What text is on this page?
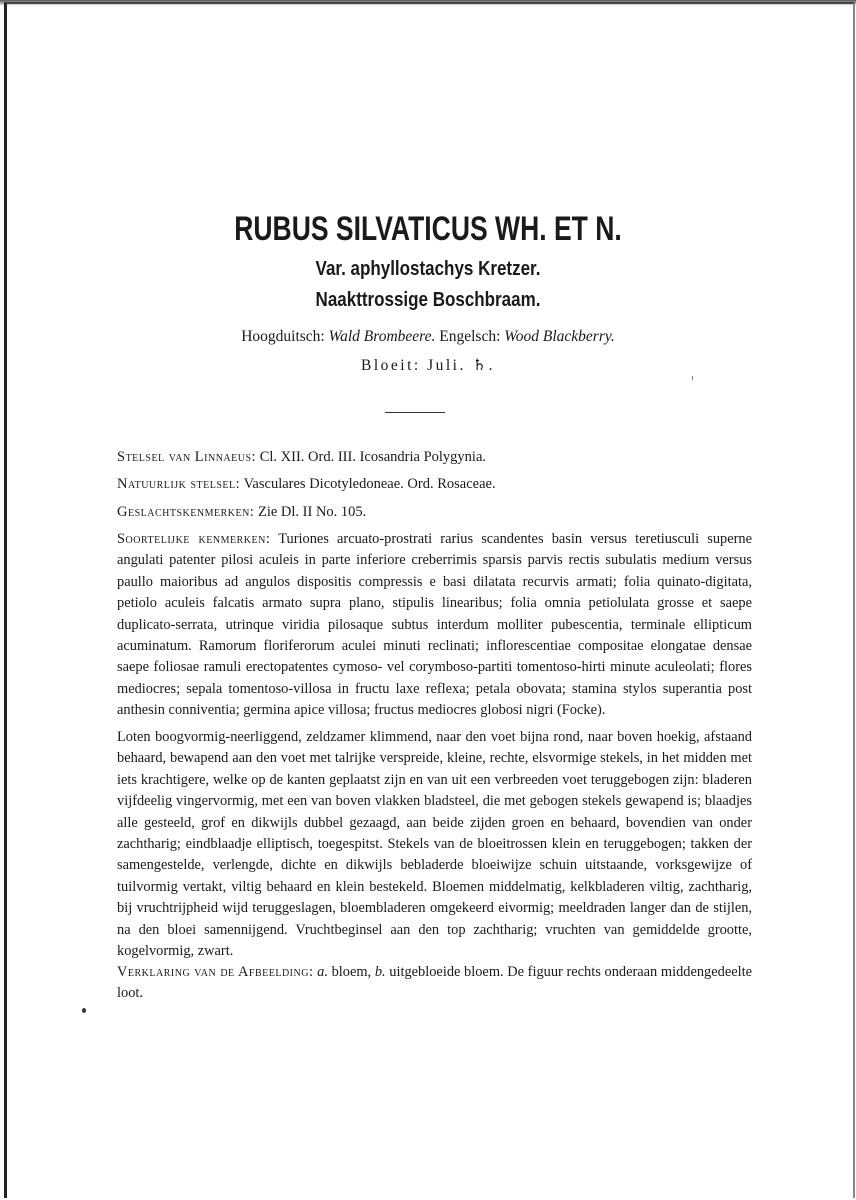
RUBUS SILVATICUS WH. ET N.
Var. aphyllostachys Kretzer.
Naakttrossige Boschbraam.
Hoogduitsch: Wald Brombeere. Engelsch: Wood Blackberry.
Bloeit: Juli. ♄.
Stelsel van Linnaeus: Cl. XII. Ord. III. Icosandria Polygynia.
Natuurlijk stelsel: Vasculares Dicotyledoneae. Ord. Rosaceae.
Geslachtskenmerken: Zie Dl. II No. 105.
Soortelijke kenmerken: Turiones arcuato-prostrati rarius scandentes basin versus teretiusculi superne angulati patenter pilosi aculeis in parte inferiore creberrimis sparsis parvis rectis subulatis medium versus paullo maioribus ad angulos dispositis compressis e basi dilatata recurvis armati; folia quinato-digitata, petiolo aculeis falcatis armato supra plano, stipulis linearibus; folia omnia petiolulata grosse et saepe duplicato-serrata, utrinque viridia pilosaque subtus interdum molliter pubescentia, terminale ellipticum acuminatum. Ramorum floriferorum aculei minuti reclinati; inflorescentiae compositae elongatae densae saepe foliosae ramuli erectopatentes cymoso- vel corymboso-partiti tomentoso-hirti minute aculeolati; flores mediocres; sepala tomentoso-villosa in fructu laxe reflexa; petala obovata; stamina stylos superantia post anthesin conniventia; germina apice villosa; fructus mediocres globosi nigri (Focke).
Loten boogvormig-neerliggend, zeldzamer klimmend, naar den voet bijna rond, naar boven hoekig, afstaand behaard, bewapend aan den voet met talrijke verspreide, kleine, rechte, elsvormige stekels, in het midden met iets krachtigere, welke op de kanten geplaatst zijn en van uit een verbreeden voet teruggebogen zijn: bladeren vijfdeelig vingervormig, met een van boven vlakken bladsteel, die met gebogen stekels gewapend is; blaadjes alle gesteeld, grof en dikwijls dubbel gezaagd, aan beide zijden groen en behaard, bovendien van onder zachtharig; eindblaadje elliptisch, toegespitst. Stekels van de bloeitrossen klein en teruggebogen; takken der samengestelde, verlengde, dichte en dikwijls bebladerde bloeiwijze schuin uitstaande, vorksgewijze of tuilvormig vertakt, viltig behaard en klein bestekeld. Bloemen middelmatig, kelkbladeren viltig, zachtharig, bij vruchtrijpheid wijd teruggeslagen, bloembladeren omgekeerd eivormig; meeldraden langer dan de stijlen, na den bloei samennijgend. Vruchtbeginsel aan den top zachtharig; vruchten van gemiddelde grootte, kogelvormig, zwart.
Verklaring van de Afbeelding: a. bloem, b. uitgebloeide bloem. De figuur rechts onderaan middengedeelte loot.
